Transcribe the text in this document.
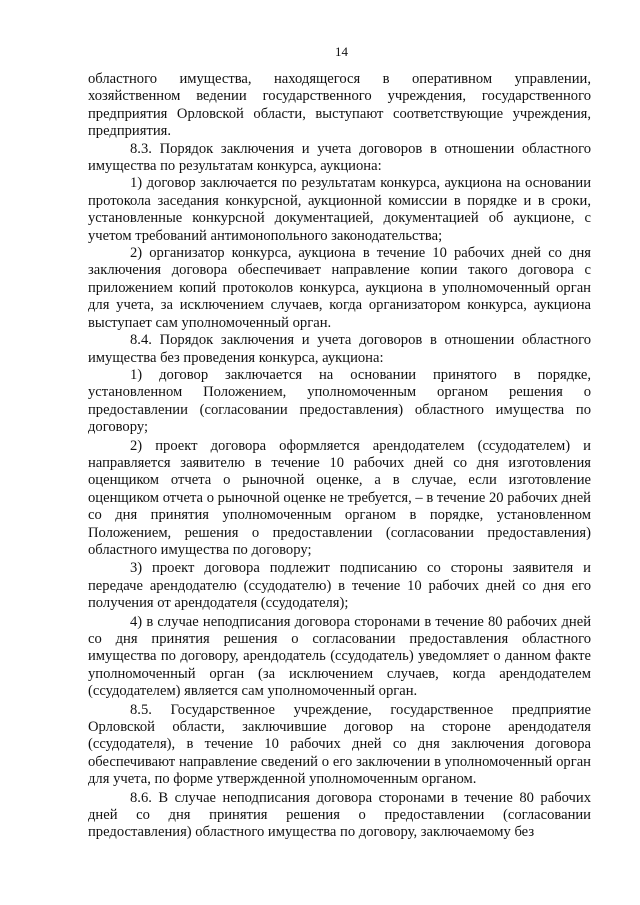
14

областного имущества, находящегося в оперативном управлении, хозяйственном ведении государственного учреждения, государственного предприятия Орловской области, выступают соответствующие учреждения, предприятия.

8.3. Порядок заключения и учета договоров в отношении областного имущества по результатам конкурса, аукциона:

1) договор заключается по результатам конкурса, аукциона на основании протокола заседания конкурсной, аукционной комиссии в порядке и в сроки, установленные конкурсной документацией, документацией об аукционе, с учетом требований антимонопольного законодательства;

2) организатор конкурса, аукциона в течение 10 рабочих дней со дня заключения договора обеспечивает направление копии такого договора с приложением копий протоколов конкурса, аукциона в уполномоченный орган для учета, за исключением случаев, когда организатором конкурса, аукциона выступает сам уполномоченный орган.

8.4. Порядок заключения и учета договоров в отношении областного имущества без проведения конкурса, аукциона:

1) договор заключается на основании принятого в порядке, установленном Положением, уполномоченным органом решения о предоставлении (согласовании предоставления) областного имущества по договору;

2) проект договора оформляется арендодателем (ссудодателем) и направляется заявителю в течение 10 рабочих дней со дня изготовления оценщиком отчета о рыночной оценке, а в случае, если изготовление оценщиком отчета о рыночной оценке не требуется, – в течение 20 рабочих дней со дня принятия уполномоченным органом в порядке, установленном Положением, решения о предоставлении (согласовании предоставления) областного имущества по договору;

3) проект договора подлежит подписанию со стороны заявителя и передаче арендодателю (ссудодателю) в течение 10 рабочих дней со дня его получения от арендодателя (ссудодателя);

4) в случае неподписания договора сторонами в течение 80 рабочих дней со дня принятия решения о согласовании предоставления областного имущества по договору, арендодатель (ссудодатель) уведомляет о данном факте уполномоченный орган (за исключением случаев, когда арендодателем (ссудодателем) является сам уполномоченный орган.

8.5. Государственное учреждение, государственное предприятие Орловской области, заключившие договор на стороне арендодателя (ссудодателя), в течение 10 рабочих дней со дня заключения договора обеспечивают направление сведений о его заключении в уполномоченный орган для учета, по форме утвержденной уполномоченным органом.

8.6. В случае неподписания договора сторонами в течение 80 рабочих дней со дня принятия решения о предоставлении (согласовании предоставления) областного имущества по договору, заключаемому без
